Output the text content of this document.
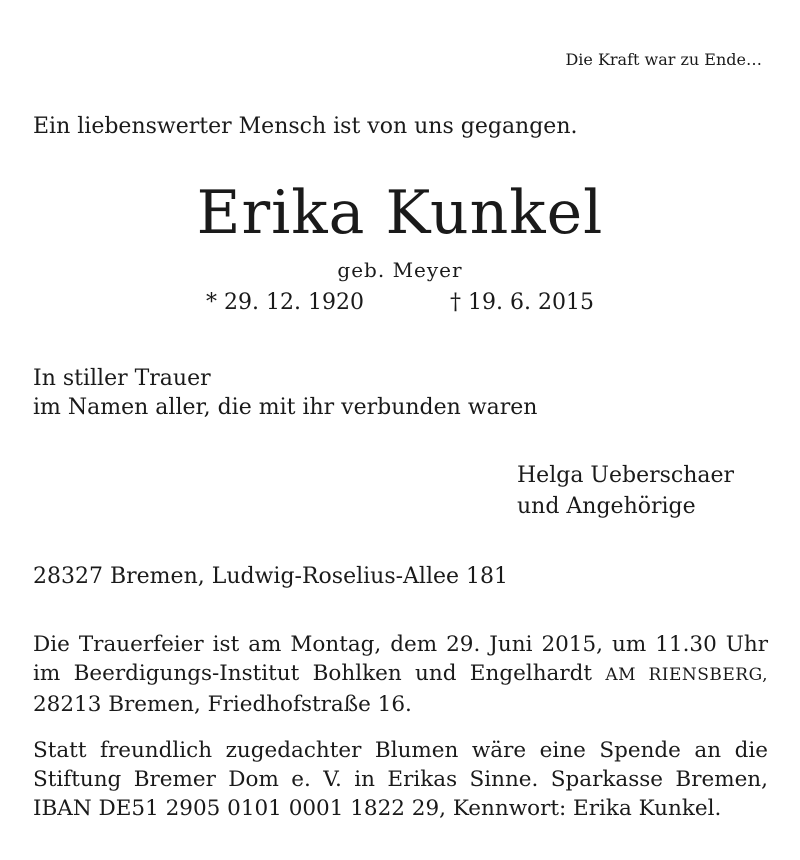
Die Kraft war zu Ende…
Ein liebenswerter Mensch ist von uns gegangen.
Erika Kunkel
geb. Meyer
* 29. 12. 1920	† 19. 6. 2015
In stiller Trauer
im Namen aller, die mit ihr verbunden waren
Helga Ueberschaer
und Angehörige
28327 Bremen, Ludwig-Roselius-Allee 181
Die Trauerfeier ist am Montag, dem 29. Juni 2015, um 11.30 Uhr
im Beerdigungs-Institut Bohlken und Engelhardt AM RIENSBERG,
28213 Bremen, Friedhofstraße 16.
Statt freundlich zugedachter Blumen wäre eine Spende an die
Stiftung Bremer Dom e. V. in Erikas Sinne. Sparkasse Bremen,
IBAN DE51 2905 0101 0001 1822 29, Kennwort: Erika Kunkel.
